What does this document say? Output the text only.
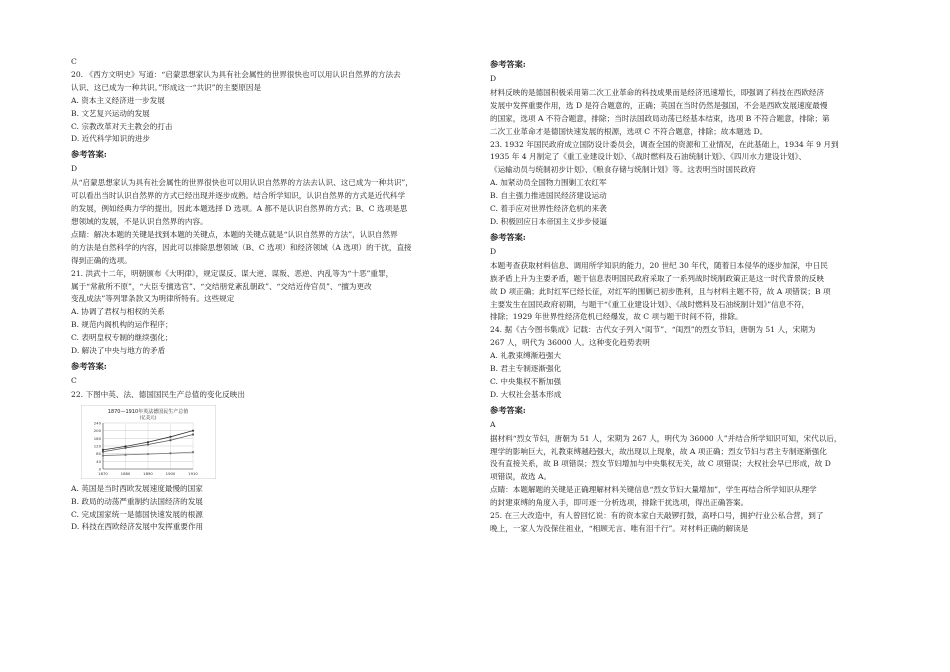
C
20. 《西方文明史》写道：“启蒙思想家认为具有社会属性的世界很快也可以用认识自然界的方法去
认识、这已成为一种共识。”形成这一“共识”的主要原因是
A. 资本主义经济进一步发展
B. 文艺复兴运动的发展
C. 宗教改革对天主教会的打击
D. 近代科学知识的进步
参考答案:
D
从“启蒙思想家认为具有社会属性的世界很快也可以用认识自然界的方法去认识、这已成为一种共识”，
可以看出当时认识自然界的方式已经出现并逐步成熟。结合所学知识，认识自然界的方式是近代科学
的发展，例如经典力学的提出，因此本题选择 D 选项。A 都不是认识自然界的方式；B、C 选项是思
想领域的发展，不是认识自然界的内容。
点睛：解决本题的关键是找到本题的关键点，本题的关键点就是“认识自然界的方法”，认识自然界
的方法是自然科学的内容，因此可以排除思想领域（B、C 选项）和经济领域（A 选项）的干扰，直接
得到正确的选项。
21. 洪武十二年，明朝颁布《大明律》，规定谋反、谋大逆、谋叛、恶逆、内乱等为“十恶”重罪，
属于“常赦所不原”，“大臣专擅选官”、“交结朋党紊乱朝政”、“交结近侍官员”、“擅为更改
变乱成法”等列罪条款又为明律所特有。这些规定
A. 协调了君权与相权的关系
B. 规范内阁机构的运作程序；
C. 表明皇权专制的继续强化；
D. 解决了中央与地方的矛盾
参考答案:
C
22. 下图中英、法、德国国民生产总值的变化反映出
1870—1910年英法德国民生产总值
(亿美元)
240
200
160
120
80
40
0
1870	1880	1890	1900	1910
A. 英国是当时西欧发展速度最慢的国家
B. 政局的动荡严重制约法国经济的发展
C. 完成国家统一是德国快速发展的根源
D. 科技在西欧经济发展中发挥重要作用
参考答案:
D
材料反映的是德国积极采用第二次工业革命的科技成果而是经济迅速增长，即强调了科技在西欧经济
发展中发挥重要作用，选 D 是符合题意的，正确；英国在当时仍然是强国，不会是西欧发展速度最慢
的国家，选项 A 不符合题意，排除；当时法国政局动荡已经基本结束，选项 B 不符合题意，排除；第
二次工业革命才是德国快速发展的根源，选项 C 不符合题意，排除；故本题选 D。
23. 1932 年国民政府成立国防设计委员会，调查全国的资源和工业情况，在此基础上，1934 年 9 月到
1935 年 4 月制定了《重工业建设计划》、《战时燃料及石油统制计划》、《四川水力建设计划》、
《运输动员与统制初步计划》、《粮食存储与统制计划》等。这表明当时国民政府
A. 加紧动员全国物力围剿工农红军
B. 自主强力推进国民经济建设运动
C. 着手应对世界性经济危机的来袭
D. 积极回应日本帝国主义步步侵逼
参考答案:
D
本题考查获取材料信息、调用所学知识的能力，20 世纪 30 年代，随着日本侵华的逐步加深，中日民
族矛盾上升为主要矛盾，题干信息表明国民政府采取了一系列战时统制政策正是这一时代背景的反映
故 D 项正确；此时红军已经长征，对红军的围剿已初步胜利，且与材料主题不符，故 A 项错误；B 项
主要发生在国民政府初期，与题干“《重工业建设计划》、《战时燃料及石油统制计划》”信息不符，
排除；1929 年世界性经济危机已经爆发，故 C 项与题干时间不符，排除。
24. 据《古今图书集成》记载：古代女子列入“闺节”、“闺烈”的烈女节妇，唐朝为 51 人，宋期为
267 人，明代为 36000 人。这种变化趋势表明
A. 礼教束缚渐趋强大
B. 君主专制逐渐强化
C. 中央集权不断加强
D. 大权社会基本形成
参考答案:
A
据材料“烈女节妇，唐朝为 51 人，宋期为 267 人，明代为 36000 人”并结合所学知识可知，宋代以后，
理学的影响巨大，礼教束缚越趋强大，故出现以上现象，故 A 项正确；烈女节妇与君主专制逐渐强化
没有直接关系，故 B 项错误；烈女节妇增加与中央集权无关，故 C 项错误；大权社会早已形成，故 D
项错误，故选 A。
点睛：本题解题的关键是正确理解材料关键信息“烈女节妇大量增加”，学生再结合所学知识从理学
的封建束缚的角度入手，即可逐一分析选项，排除干扰选项，得出正确答案。
25. 在三大改造中，有人曾回忆说：有的资本家白天敲锣打鼓，高呼口号，拥护行业公私合营，到了
晚上，一家人为没保住祖业，“相顾无言、唯有泪千行”。对材料正确的解读是
